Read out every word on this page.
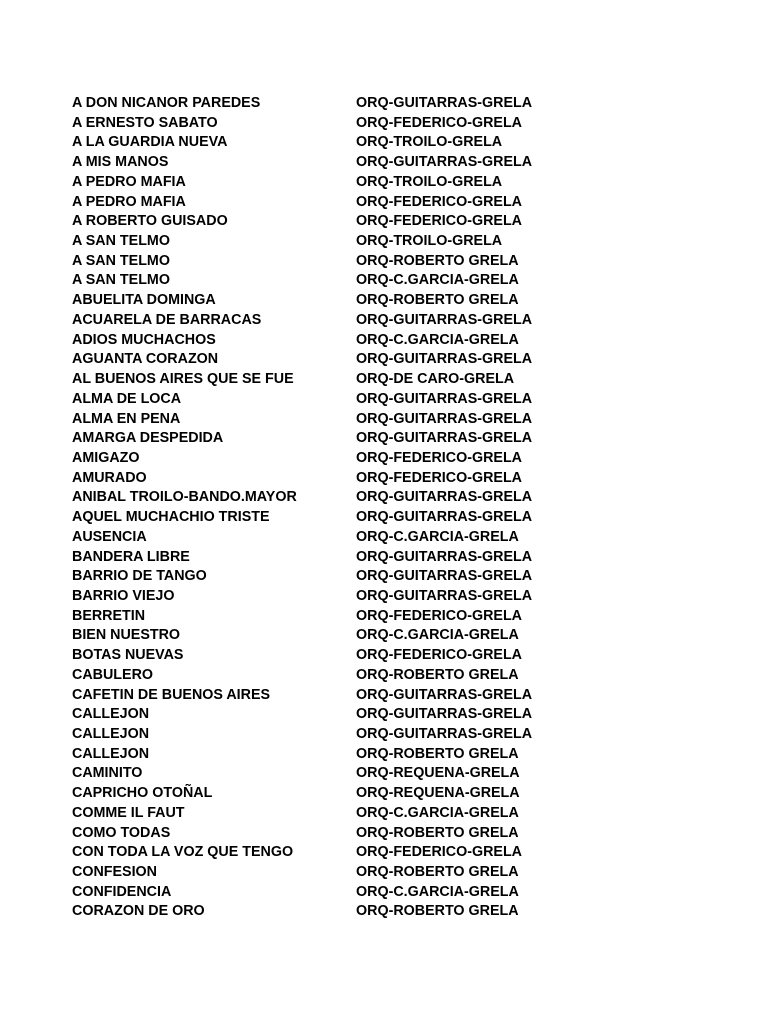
A DON NICANOR PAREDES	ORQ-GUITARRAS-GRELA
A ERNESTO SABATO	ORQ-FEDERICO-GRELA
A LA GUARDIA NUEVA	ORQ-TROILO-GRELA
A MIS MANOS	ORQ-GUITARRAS-GRELA
A PEDRO MAFIA	ORQ-TROILO-GRELA
A PEDRO MAFIA	ORQ-FEDERICO-GRELA
A ROBERTO GUISADO	ORQ-FEDERICO-GRELA
A SAN TELMO	ORQ-TROILO-GRELA
A SAN TELMO	ORQ-ROBERTO GRELA
A SAN TELMO	ORQ-C.GARCIA-GRELA
ABUELITA DOMINGA	ORQ-ROBERTO GRELA
ACUARELA DE BARRACAS	ORQ-GUITARRAS-GRELA
ADIOS MUCHACHOS	ORQ-C.GARCIA-GRELA
AGUANTA CORAZON	ORQ-GUITARRAS-GRELA
AL BUENOS AIRES QUE SE FUE	ORQ-DE CARO-GRELA
ALMA DE LOCA	ORQ-GUITARRAS-GRELA
ALMA EN PENA	ORQ-GUITARRAS-GRELA
AMARGA DESPEDIDA	ORQ-GUITARRAS-GRELA
AMIGAZO	ORQ-FEDERICO-GRELA
AMURADO	ORQ-FEDERICO-GRELA
ANIBAL TROILO-BANDO.MAYOR	ORQ-GUITARRAS-GRELA
AQUEL MUCHACHIO TRISTE	ORQ-GUITARRAS-GRELA
AUSENCIA	ORQ-C.GARCIA-GRELA
BANDERA LIBRE	ORQ-GUITARRAS-GRELA
BARRIO DE TANGO	ORQ-GUITARRAS-GRELA
BARRIO VIEJO	ORQ-GUITARRAS-GRELA
BERRETIN	ORQ-FEDERICO-GRELA
BIEN NUESTRO	ORQ-C.GARCIA-GRELA
BOTAS NUEVAS	ORQ-FEDERICO-GRELA
CABULERO	ORQ-ROBERTO GRELA
CAFETIN DE BUENOS AIRES	ORQ-GUITARRAS-GRELA
CALLEJON	ORQ-GUITARRAS-GRELA
CALLEJON	ORQ-GUITARRAS-GRELA
CALLEJON	ORQ-ROBERTO GRELA
CAMINITO	ORQ-REQUENA-GRELA
CAPRICHO OTOÑAL	ORQ-REQUENA-GRELA
COMME IL FAUT	ORQ-C.GARCIA-GRELA
COMO TODAS	ORQ-ROBERTO GRELA
CON TODA LA VOZ QUE TENGO	ORQ-FEDERICO-GRELA
CONFESION	ORQ-ROBERTO GRELA
CONFIDENCIA	ORQ-C.GARCIA-GRELA
CORAZON DE ORO	ORQ-ROBERTO GRELA
